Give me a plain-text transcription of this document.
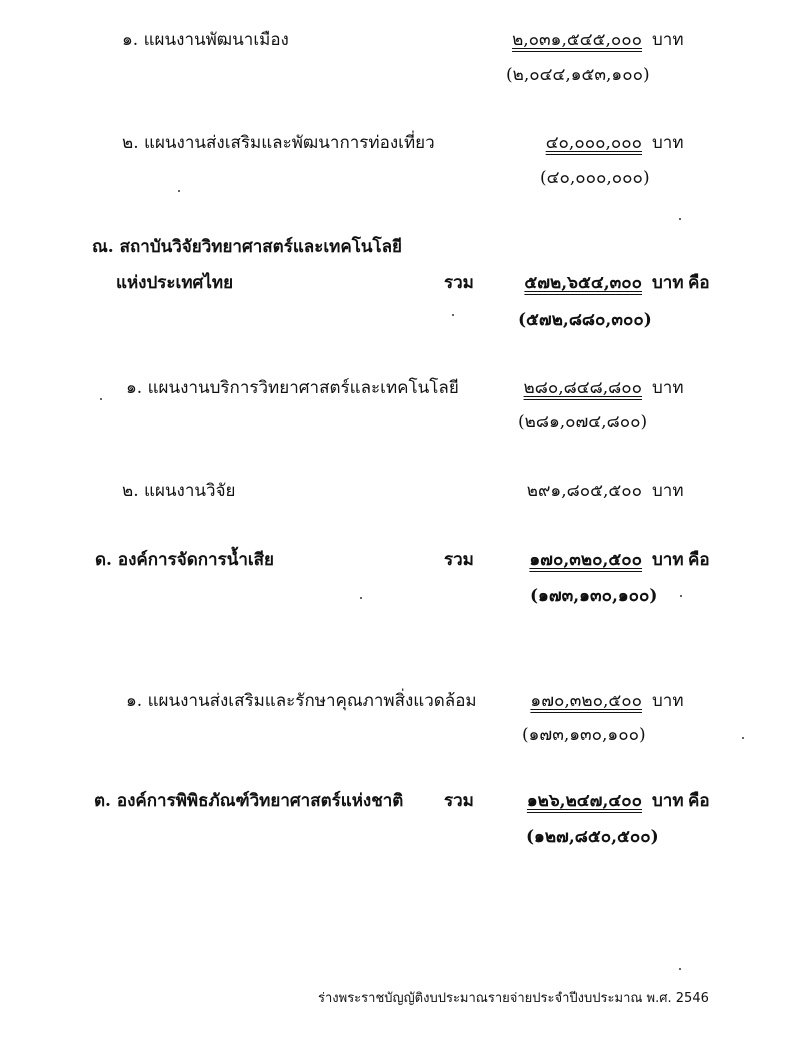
๑. แผนงานพัฒนาเมือง	๒,๐๓๑,๕๔๕,๐๐๐ บาท
(๒,๐๔๔,๑๕๓,๑๐๐)
๒. แผนงานส่งเสริมและพัฒนาการท่องเที่ยว	๔๐,๐๐๐,๐๐๐ บาท
(๔๐,๐๐๐,๐๐๐)
ณ. สถาบันวิจัยวิทยาศาสตร์และเทคโนโลยี
แห่งประเทศไทย	รวม	๕๗๒,๖๕๔,๓๐๐ บาท คือ
(๕๗๒,๘๘๐,๓๐๐)
๑. แผนงานบริการวิทยาศาสตร์และเทคโนโลยี	๒๘๐,๘๔๘,๘๐๐ บาท
(๒๘๑,๐๗๔,๘๐๐)
๒. แผนงานวิจัย	๒๙๑,๘๐๕,๕๐๐ บาท
ด. องค์การจัดการน้ำเสีย	รวม	๑๗๐,๓๒๐,๕๐๐ บาท คือ
(๑๗๓,๑๓๐,๑๐๐)
๑. แผนงานส่งเสริมและรักษาคุณภาพสิ่งแวดล้อม	๑๗๐,๓๒๐,๕๐๐ บาท
(๑๗๓,๑๓๐,๑๐๐)
ต. องค์การพิพิธภัณฑ์วิทยาศาสตร์แห่งชาติ รวม	๑๒๖,๒๔๗,๔๐๐ บาท คือ
(๑๒๗,๘๕๐,๕๐๐)
ร่างพระราชบัญญัติงบประมาณรายจ่ายประจำปีงบประมาณ พ.ศ. 2546
